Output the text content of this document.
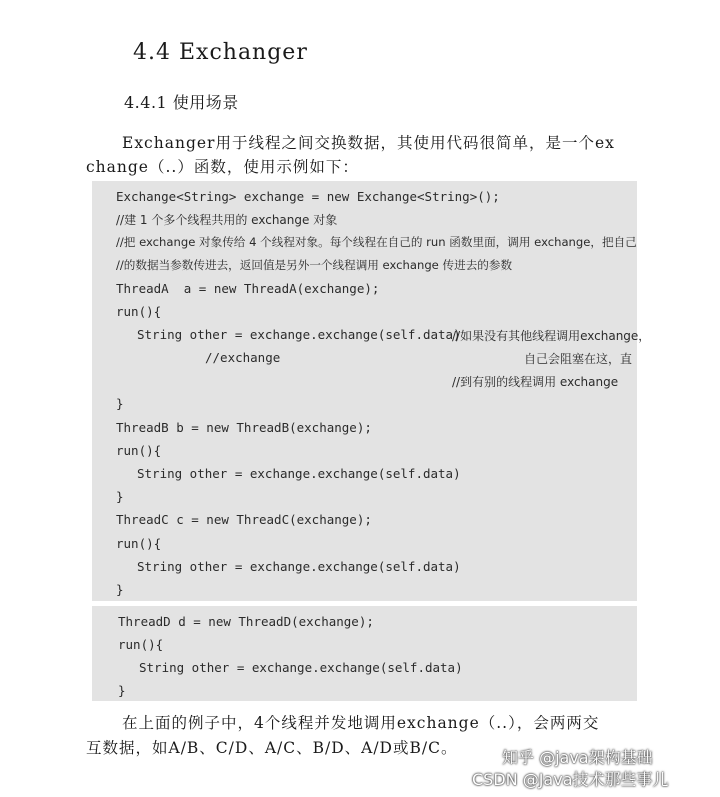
4.4 Exchanger
4.4.1 使用场景
Exchanger用于线程之间交换数据，其使用代码很简单，是一个ex
change（..）函数，使用示例如下：
Exchange<String> exchange = new Exchange<String>();
//建 1 个多个线程共用的 exchange 对象
//把 exchange 对象传给 4 个线程对象。每个线程在自己的 run 函数里面，调用 exchange，把自己
//的数据当参数传进去，返回值是另外一个线程调用 exchange 传进去的参数
ThreadA  a = new ThreadA(exchange);
run(){
String other = exchange.exchange(self.data)
//如果没有其他线程调用exchange，
//exchange	自己会阻塞在这，直
//到有别的线程调用 exchange
}
ThreadB b = new ThreadB(exchange);
run(){
String other = exchange.exchange(self.data)
}
ThreadC c = new ThreadC(exchange);
run(){
String other = exchange.exchange(self.data)
}
ThreadD d = new ThreadD(exchange);
run(){
String other = exchange.exchange(self.data)
}
在上面的例子中，4个线程并发地调用exchange（..），会两两交
互数据，如A/B、C/D、A/C、B/D、A/D或B/C。	知乎 @java架构基础
CSDN @Java技术那些事儿
